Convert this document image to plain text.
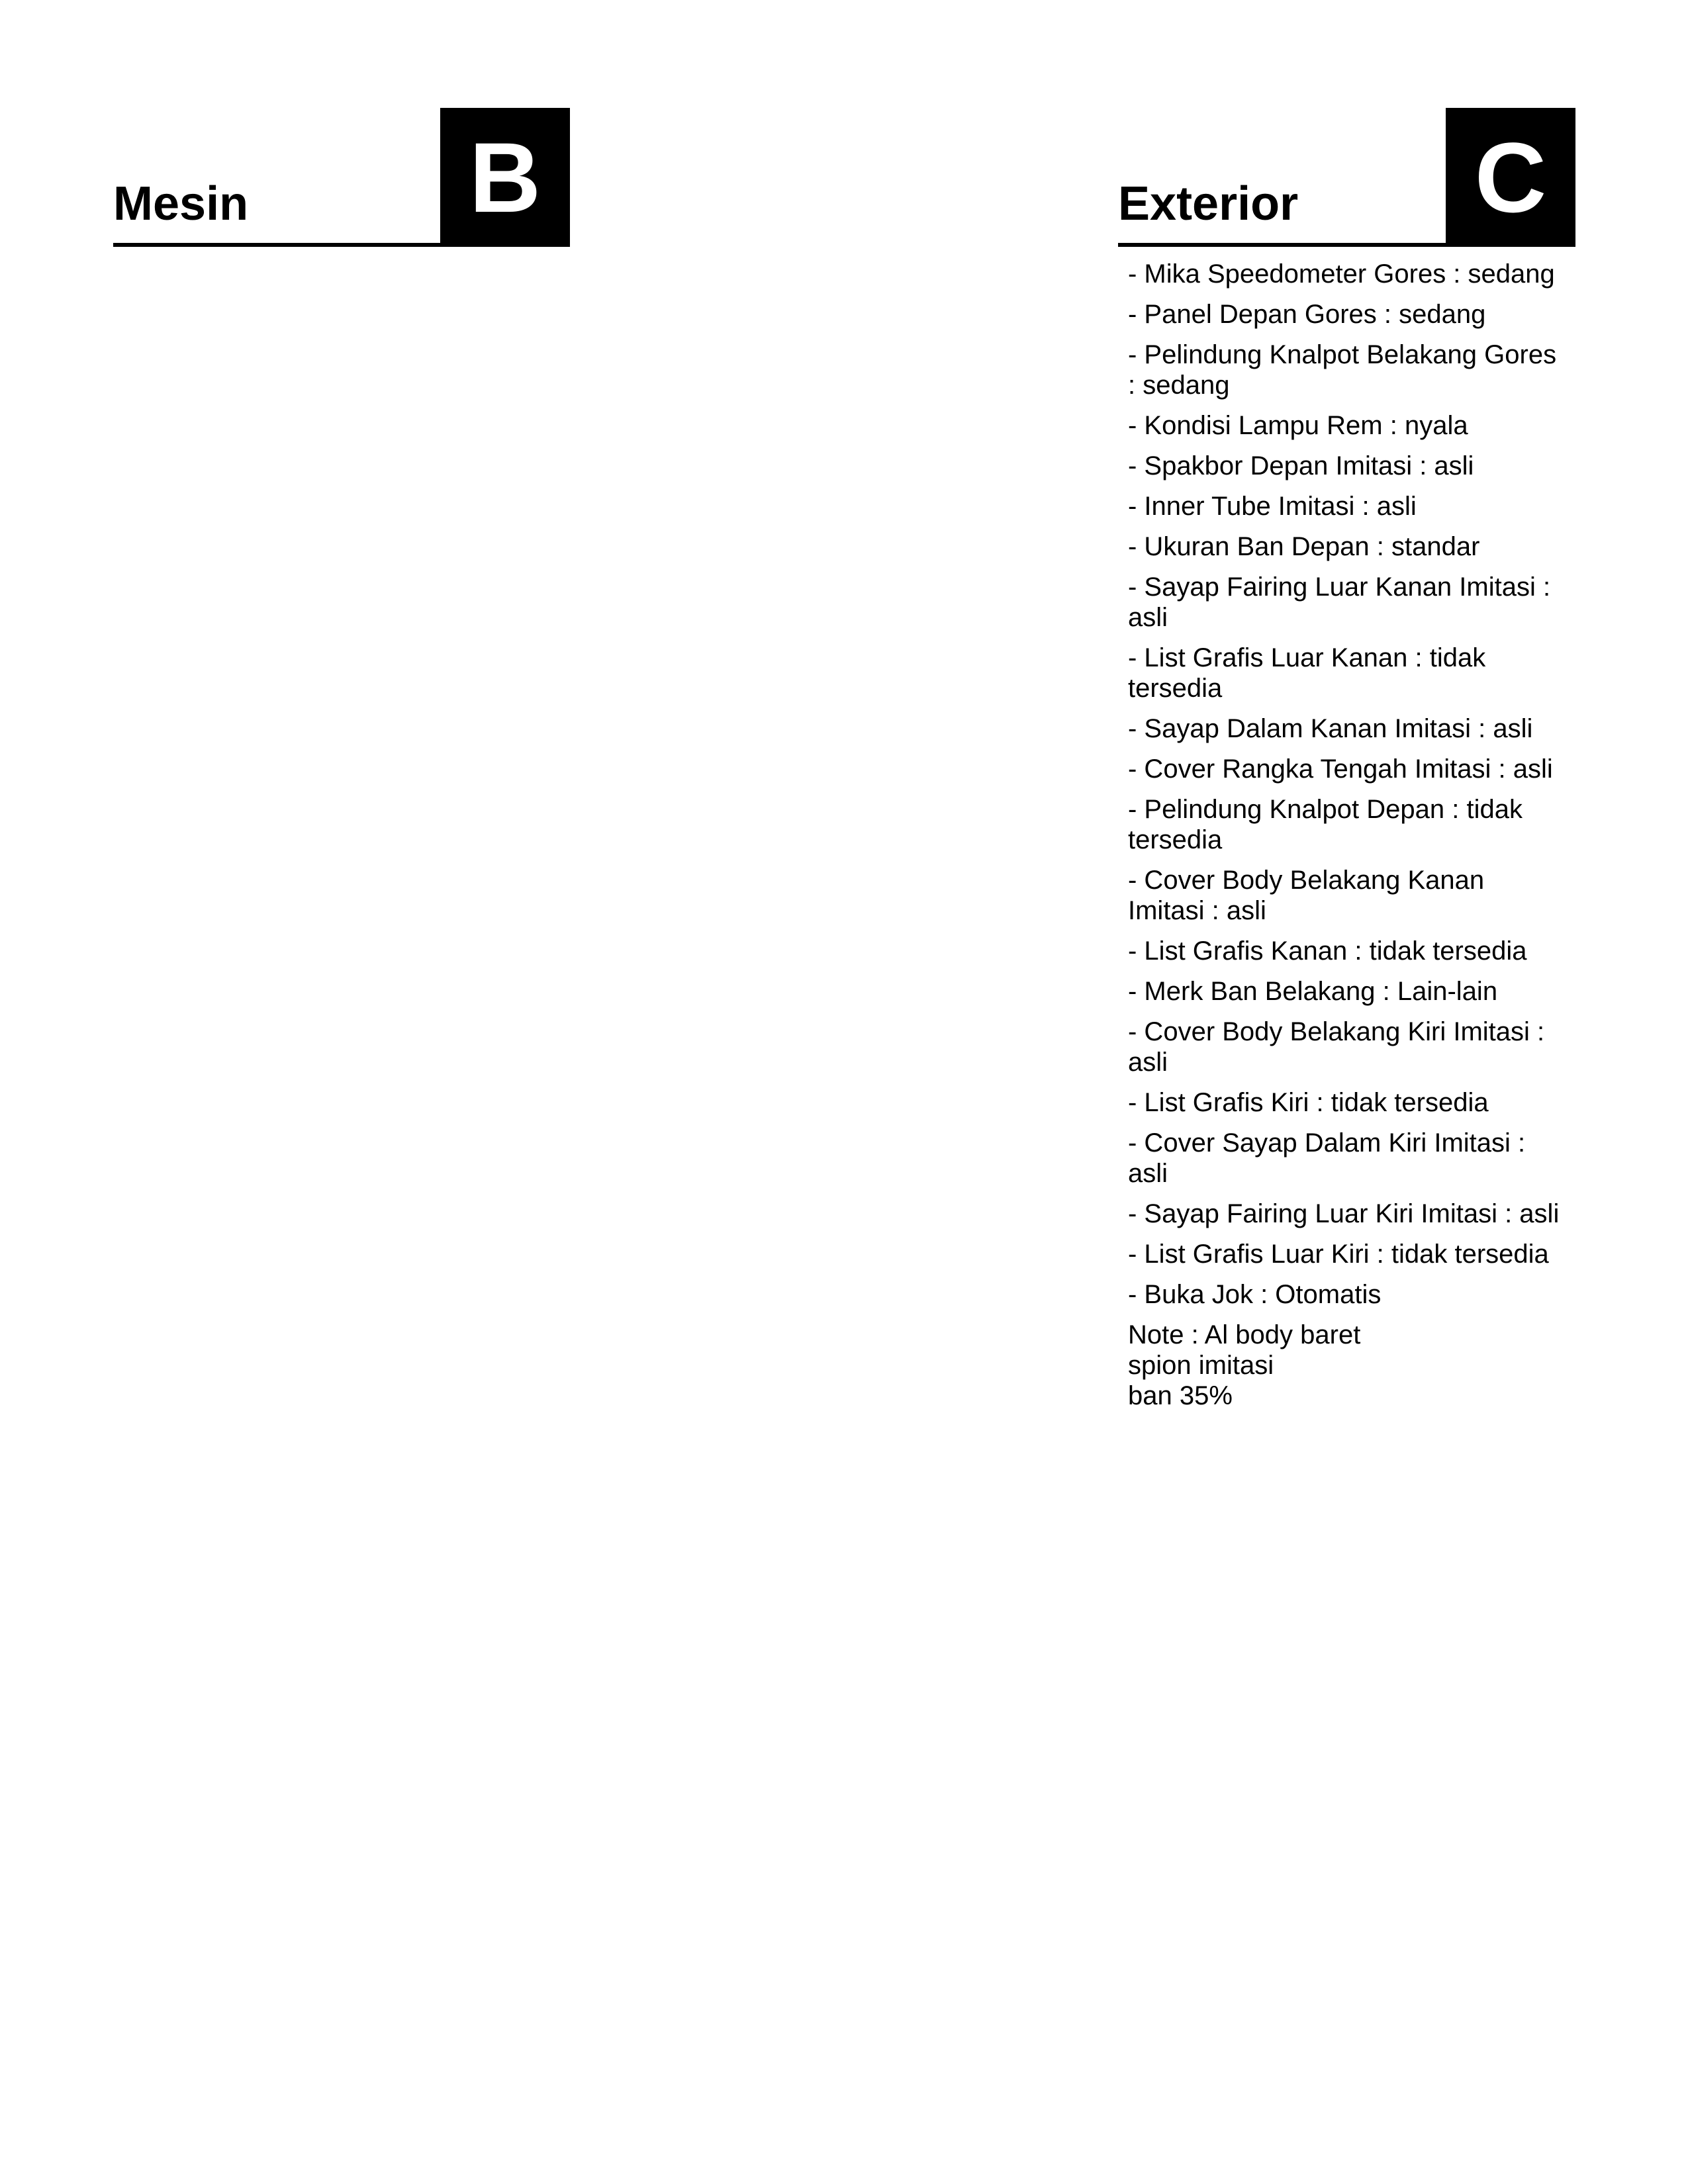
Mesin B	Exterior C
- Mika Speedometer Gores : sedang
- Panel Depan Gores : sedang
- Pelindung Knalpot Belakang Gores : sedang
- Kondisi Lampu Rem : nyala
- Spakbor Depan Imitasi : asli
- Inner Tube Imitasi : asli
- Ukuran Ban Depan : standar
- Sayap Fairing Luar Kanan Imitasi : asli
- List Grafis Luar Kanan : tidak tersedia
- Sayap Dalam Kanan Imitasi : asli
- Cover Rangka Tengah Imitasi : asli
- Pelindung Knalpot Depan : tidak tersedia
- Cover Body Belakang Kanan Imitasi : asli
- List Grafis Kanan : tidak tersedia
- Merk Ban Belakang : Lain-lain
- Cover Body Belakang Kiri Imitasi : asli
- List Grafis Kiri : tidak tersedia
- Cover Sayap Dalam Kiri Imitasi : asli
- Sayap Fairing Luar Kiri Imitasi : asli
- List Grafis Luar Kiri : tidak tersedia
- Buka Jok : Otomatis
Note : Al body baret
spion imitasi
ban 35%
